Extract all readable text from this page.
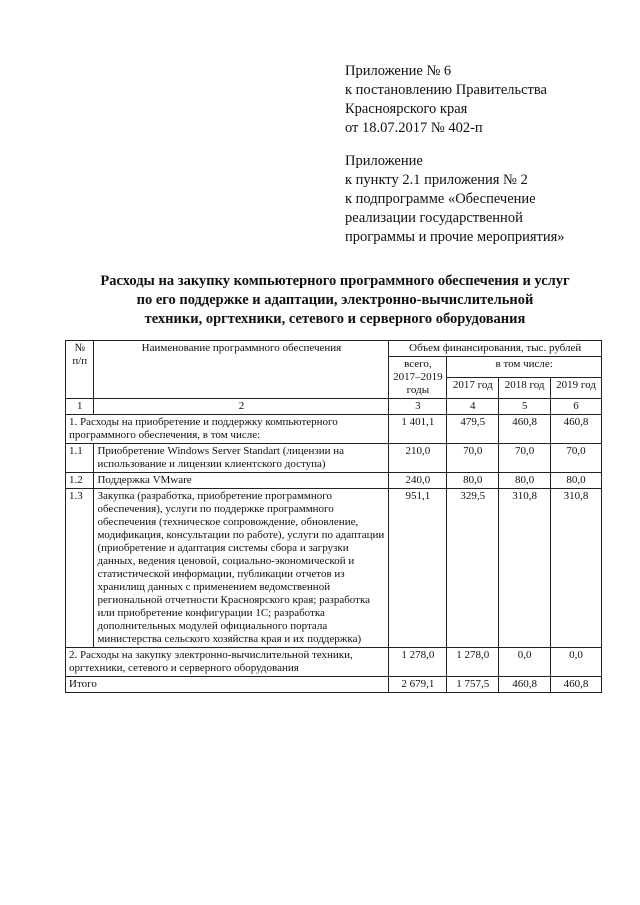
Приложение № 6
к постановлению Правительства
Красноярского края
от 18.07.2017 № 402-п
Приложение
к пункту 2.1 приложения № 2
к подпрограмме «Обеспечение
реализации государственной
программы и прочие мероприятия»
Расходы на закупку компьютерного программного обеспечения и услуг
по его поддержке и адаптации, электронно-вычислительной
техники, оргтехники, сетевого и серверного оборудования
№ п/п	Наименование программного обеспечения	Объем финансирования, тыс. рублей			
		всего, 2017–2019 годы	в том числе:		
			2017 год	2018 год	2019 год
1	2	3	4	5	6
1. Расходы на приобретение и поддержку компьютерного программного обеспечения, в том числе:		1 401,1	479,5	460,8	460,8
1.1	Приобретение Windows Server Standart (лицензии на использование и лицензии клиентского доступа)	210,0	70,0	70,0	70,0
1.2	Поддержка VMware	240,0	80,0	80,0	80,0
1.3	Закупка (разработка, приобретение программного обеспечения), услуги по поддержке программного обеспечения (техническое сопровождение, обновление, модификация, консультации по работе), услуги по адаптации (приобретение и адаптация системы сбора и загрузки данных, ведения ценовой, социально-экономической и статистической информации, публикации отчетов из хранилищ данных с применением ведомственной региональной отчетности Красноярского края; разработка или приобретение конфигурации 1С; разработка дополнительных модулей официального портала министерства сельского хозяйства края и их поддержка)	951,1	329,5	310,8	310,8
2. Расходы на закупку электронно-вычислительной техники, оргтехники, сетевого и серверного оборудования		1 278,0	1 278,0	0,0	0,0
Итого		2 679,1	1 757,5	460,8	460,8
